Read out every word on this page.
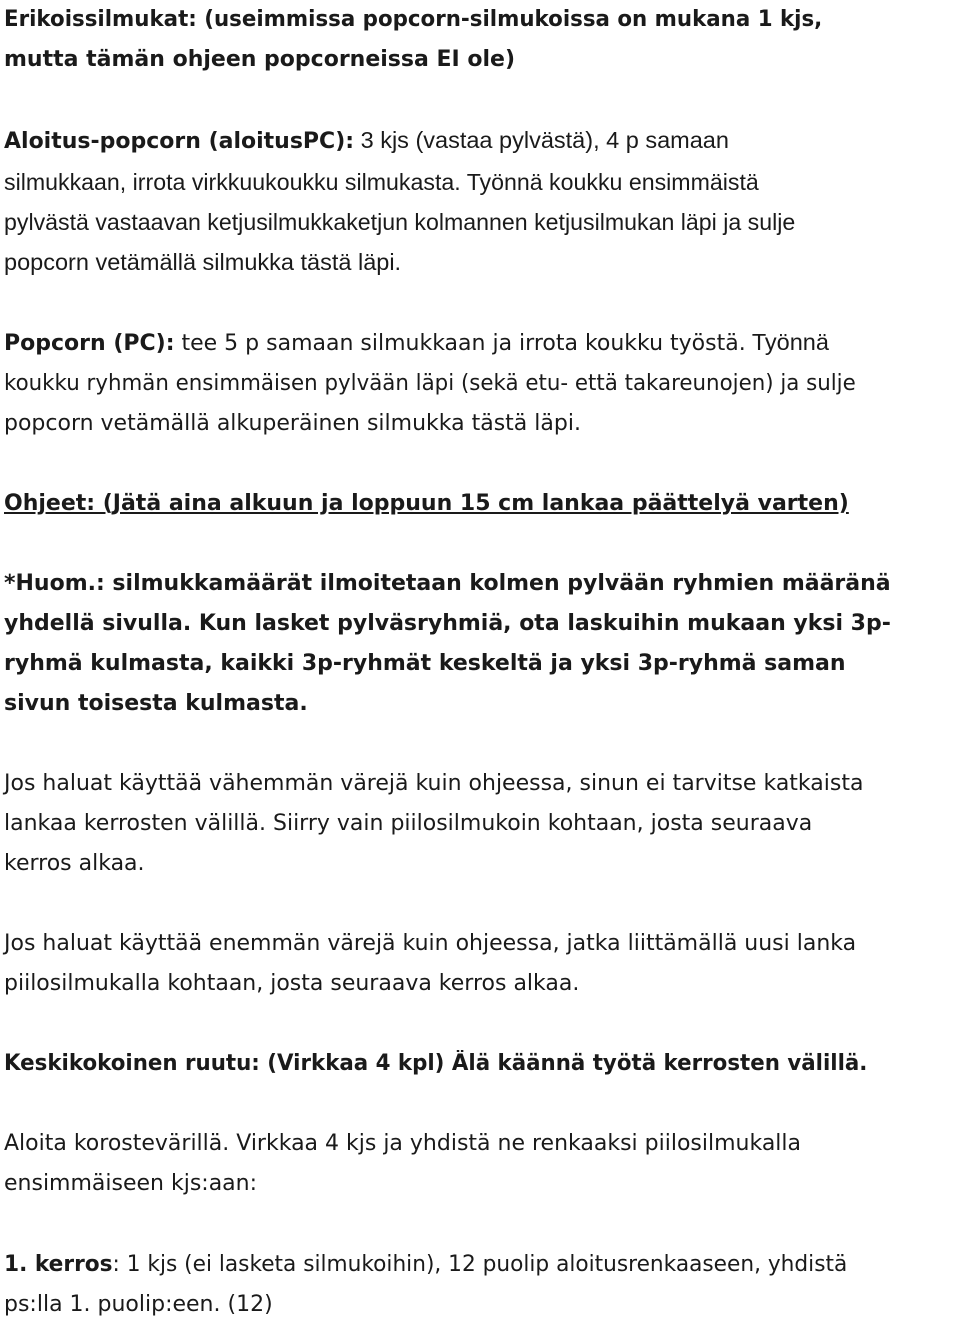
Erikoissilmukat: (useimmissa popcorn-silmukoissa on mukana 1 kjs,

mutta tämän ohjeen popcorneissa EI ole)

Aloitus-popcorn (aloitusPC): 3 kjs (vastaa pylvästä), 4 p samaan

silmukkaan, irrota virkkuukoukku silmukasta. Työnnä koukku ensimmäistä

pylvästä vastaavan ketjusilmukkaketjun kolmannen ketjusilmukan läpi ja sulje

popcorn vetämällä silmukka tästä läpi.

Popcorn (PC): tee 5 p samaan silmukkaan ja irrota koukku työstä. Työnnä

koukku ryhmän ensimmäisen pylvään läpi (sekä etu- että takareunojen) ja sulje

popcorn vetämällä alkuperäinen silmukka tästä läpi.

Ohjeet: (Jätä aina alkuun ja loppuun 15 cm lankaa päättelyä varten)

*Huom.: silmukkamäärät ilmoitetaan kolmen pylvään ryhmien määränä

yhdellä sivulla. Kun lasket pylväsryhmiä, ota laskuihin mukaan yksi 3p-

ryhmä kulmasta, kaikki 3p-ryhmät keskeltä ja yksi 3p-ryhmä saman

sivun toisesta kulmasta.

Jos haluat käyttää vähemmän värejä kuin ohjeessa, sinun ei tarvitse katkaista

lankaa kerrosten välillä. Siirry vain piilosilmukoin kohtaan, josta seuraava

kerros alkaa.

Jos haluat käyttää enemmän värejä kuin ohjeessa, jatka liittämällä uusi lanka

piilosilmukalla kohtaan, josta seuraava kerros alkaa.

Keskikokoinen ruutu: (Virkkaa 4 kpl) Älä käännä työtä kerrosten välillä.

Aloita korostevärillä. Virkkaa 4 kjs ja yhdistä ne renkaaksi piilosilmukalla

ensimmäiseen kjs:aan:

1. kerros: 1 kjs (ei lasketa silmukoihin), 12 puolip aloitusrenkaaseen, yhdistä

ps:lla 1. puolip:een. (12)
